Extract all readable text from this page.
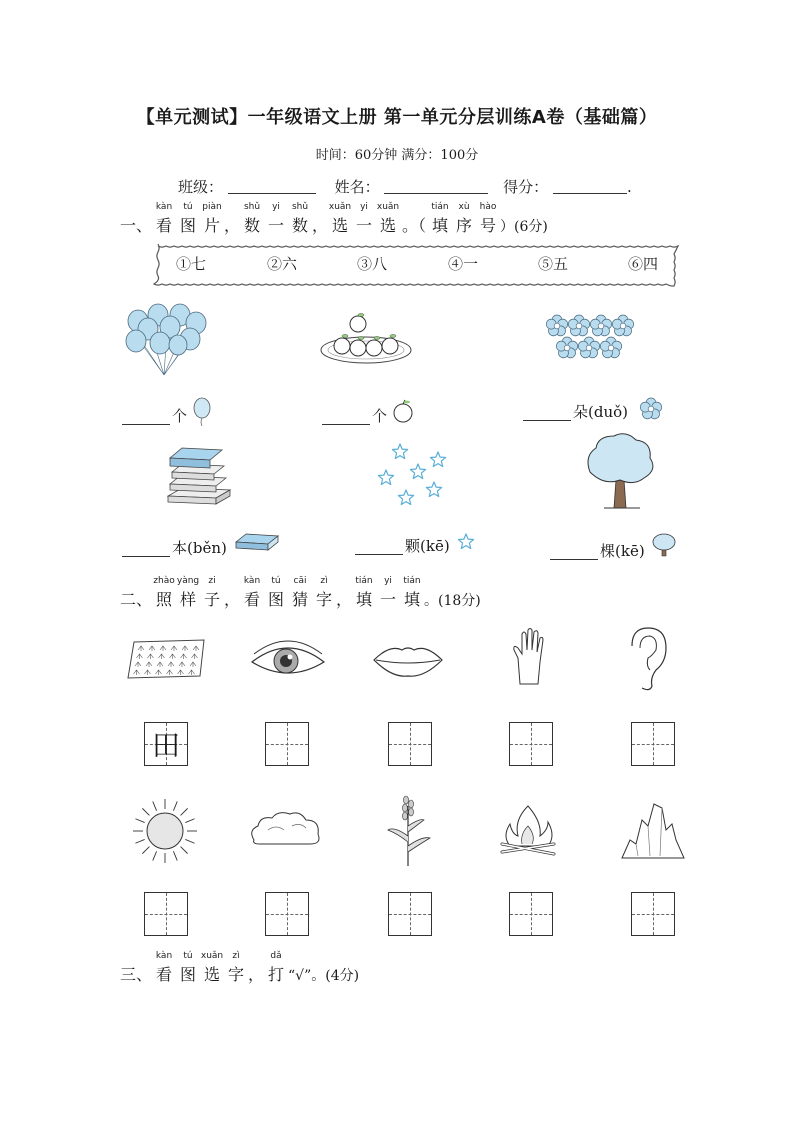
【单元测试】一年级语文上册 第一单元分层训练A卷（基础篇）
时间：60分钟 满分：100分
班级：	姓名：	得分：	.
一、
kàn
看
tú
图
piàn
片 ，
shǔ
数
yi
一
shǔ
数 ，
xuǎn
选
yi
一
xuǎn
选 。（
tián
填
xù
序
hào
号 ）(6分)
①七	②六	③八	④一	⑤五	⑥四
个	个	朵(duǒ)
本(běn)	颗(kē)	棵(kē)
二、
zhào
照
yàng
样
zi
子 ，
kàn
看
tú
图
cāi
猜
zì
字 ，
tián
填
yi
一
tián
填 。(18分)
田
三、
kàn
看
tú
图
xuǎn
选
zì
字 ，
dǎ
打 “√”。(4分)
